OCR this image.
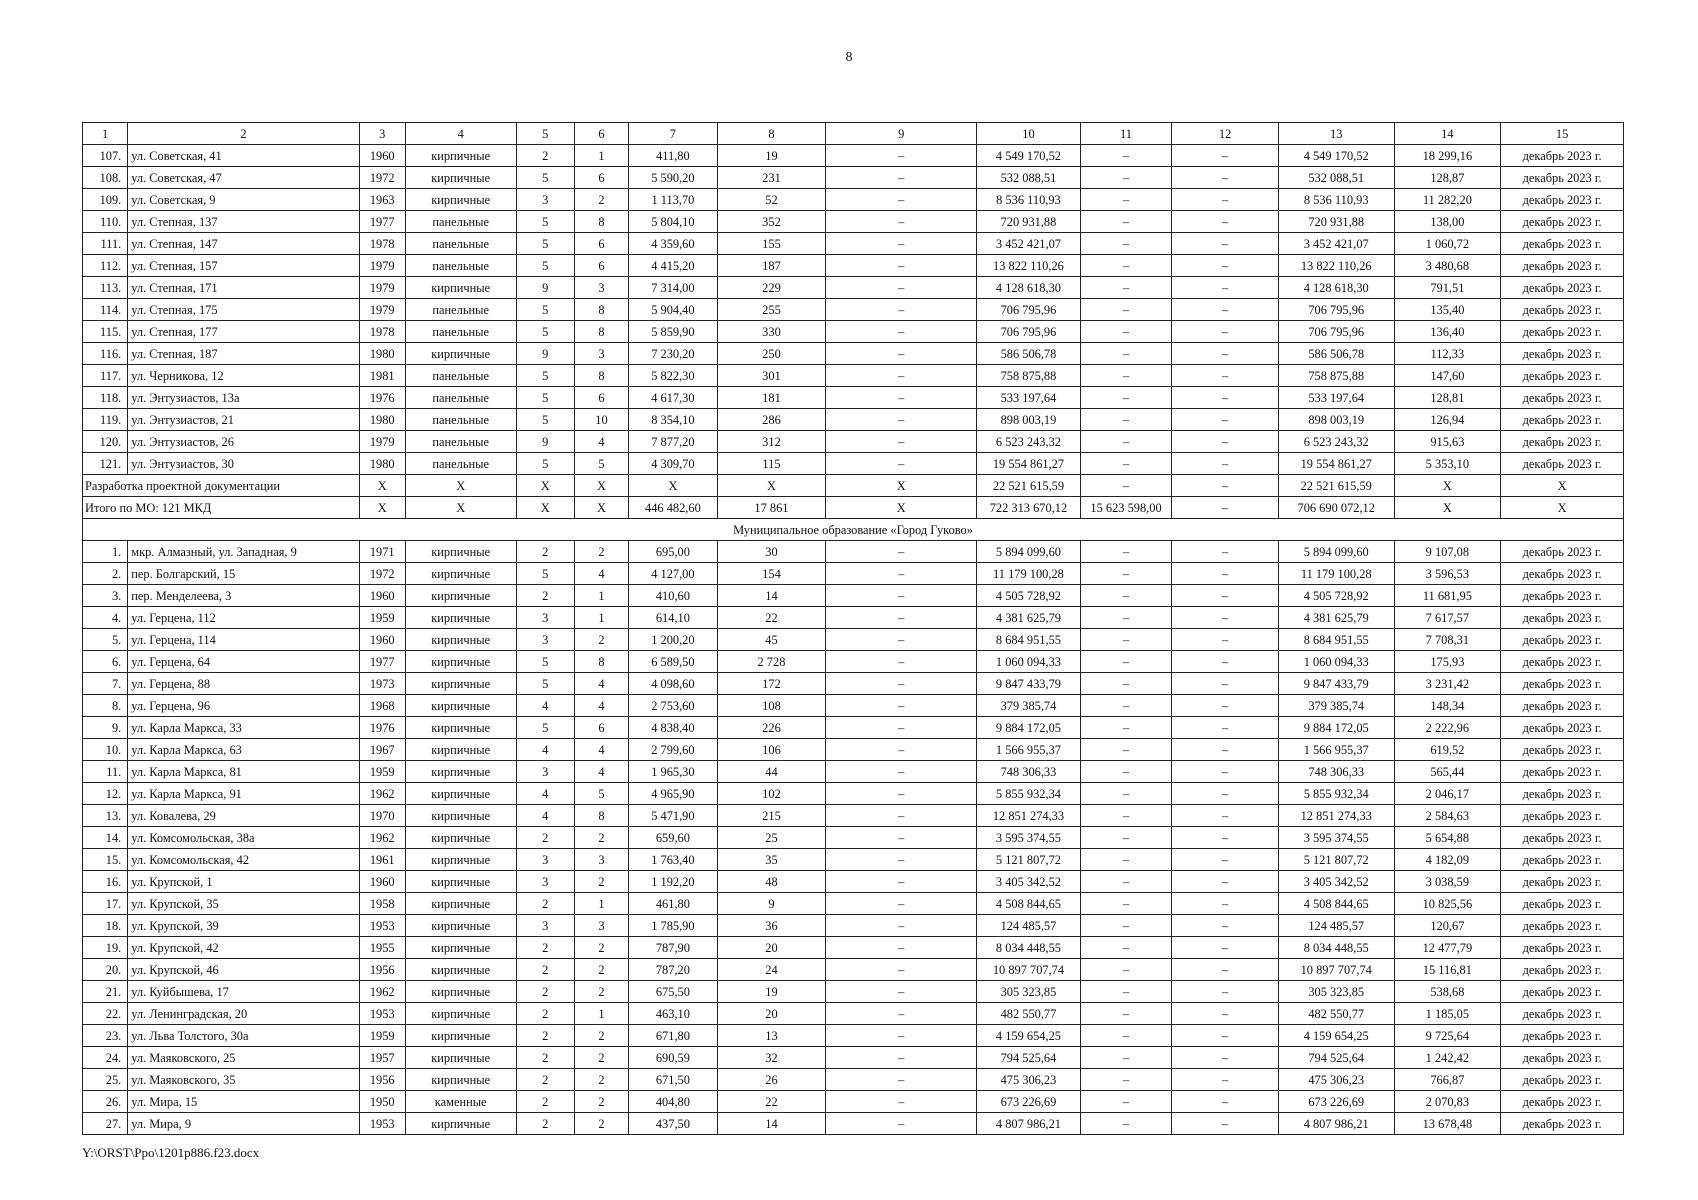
8
1	2	3	4	5	6	7	8	9	10	11	12	13	14	15
107.	ул. Советская, 41	1960	кирпичные	2	1	411,80	19	–	4 549 170,52	–	–	4 549 170,52	18 299,16	декабрь 2023 г.
108.	ул. Советская, 47	1972	кирпичные	5	6	5 590,20	231	–	532 088,51	–	–	532 088,51	128,87	декабрь 2023 г.
109.	ул. Советская, 9	1963	кирпичные	3	2	1 113,70	52	–	8 536 110,93	–	–	8 536 110,93	11 282,20	декабрь 2023 г.
110.	ул. Степная, 137	1977	панельные	5	8	5 804,10	352	–	720 931,88	–	–	720 931,88	138,00	декабрь 2023 г.
111.	ул. Степная, 147	1978	панельные	5	6	4 359,60	155	–	3 452 421,07	–	–	3 452 421,07	1 060,72	декабрь 2023 г.
112.	ул. Степная, 157	1979	панельные	5	6	4 415,20	187	–	13 822 110,26	–	–	13 822 110,26	3 480,68	декабрь 2023 г.
113.	ул. Степная, 171	1979	кирпичные	9	3	7 314,00	229	–	4 128 618,30	–	–	4 128 618,30	791,51	декабрь 2023 г.
114.	ул. Степная, 175	1979	панельные	5	8	5 904,40	255	–	706 795,96	–	–	706 795,96	135,40	декабрь 2023 г.
115.	ул. Степная, 177	1978	панельные	5	8	5 859,90	330	–	706 795,96	–	–	706 795,96	136,40	декабрь 2023 г.
116.	ул. Степная, 187	1980	кирпичные	9	3	7 230,20	250	–	586 506,78	–	–	586 506,78	112,33	декабрь 2023 г.
117.	ул. Черникова, 12	1981	панельные	5	8	5 822,30	301	–	758 875,88	–	–	758 875,88	147,60	декабрь 2023 г.
118.	ул. Энтузиастов, 13а	1976	панельные	5	6	4 617,30	181	–	533 197,64	–	–	533 197,64	128,81	декабрь 2023 г.
119.	ул. Энтузиастов, 21	1980	панельные	5	10	8 354,10	286	–	898 003,19	–	–	898 003,19	126,94	декабрь 2023 г.
120.	ул. Энтузиастов, 26	1979	панельные	9	4	7 877,20	312	–	6 523 243,32	–	–	6 523 243,32	915,63	декабрь 2023 г.
121.	ул. Энтузиастов, 30	1980	панельные	5	5	4 309,70	115	–	19 554 861,27	–	–	19 554 861,27	5 353,10	декабрь 2023 г.
Разработка проектной документации		X	X	X	X	X	X	X	22 521 615,59	–	–	22 521 615,59	X	X
Итого по МО: 121 МКД		X	X	X	X	446 482,60	17 861	X	722 313 670,12	15 623 598,00	–	706 690 072,12	X	X
Муниципальное образование «Город Гуково»														
1.	мкр. Алмазный, ул. Западная, 9	1971	кирпичные	2	2	695,00	30	–	5 894 099,60	–	–	5 894 099,60	9 107,08	декабрь 2023 г.
2.	пер. Болгарский, 15	1972	кирпичные	5	4	4 127,00	154	–	11 179 100,28	–	–	11 179 100,28	3 596,53	декабрь 2023 г.
3.	пер. Менделеева, 3	1960	кирпичные	2	1	410,60	14	–	4 505 728,92	–	–	4 505 728,92	11 681,95	декабрь 2023 г.
4.	ул. Герцена, 112	1959	кирпичные	3	1	614,10	22	–	4 381 625,79	–	–	4 381 625,79	7 617,57	декабрь 2023 г.
5.	ул. Герцена, 114	1960	кирпичные	3	2	1 200,20	45	–	8 684 951,55	–	–	8 684 951,55	7 708,31	декабрь 2023 г.
6.	ул. Герцена, 64	1977	кирпичные	5	8	6 589,50	2 728	–	1 060 094,33	–	–	1 060 094,33	175,93	декабрь 2023 г.
7.	ул. Герцена, 88	1973	кирпичные	5	4	4 098,60	172	–	9 847 433,79	–	–	9 847 433,79	3 231,42	декабрь 2023 г.
8.	ул. Герцена, 96	1968	кирпичные	4	4	2 753,60	108	–	379 385,74	–	–	379 385,74	148,34	декабрь 2023 г.
9.	ул. Карла Маркса, 33	1976	кирпичные	5	6	4 838,40	226	–	9 884 172,05	–	–	9 884 172,05	2 222,96	декабрь 2023 г.
10.	ул. Карла Маркса, 63	1967	кирпичные	4	4	2 799,60	106	–	1 566 955,37	–	–	1 566 955,37	619,52	декабрь 2023 г.
11.	ул. Карла Маркса, 81	1959	кирпичные	3	4	1 965,30	44	–	748 306,33	–	–	748 306,33	565,44	декабрь 2023 г.
12.	ул. Карла Маркса, 91	1962	кирпичные	4	5	4 965,90	102	–	5 855 932,34	–	–	5 855 932,34	2 046,17	декабрь 2023 г.
13.	ул. Ковалева, 29	1970	кирпичные	4	8	5 471,90	215	–	12 851 274,33	–	–	12 851 274,33	2 584,63	декабрь 2023 г.
14.	ул. Комсомольская, 38а	1962	кирпичные	2	2	659,60	25	–	3 595 374,55	–	–	3 595 374,55	5 654,88	декабрь 2023 г.
15.	ул. Комсомольская, 42	1961	кирпичные	3	3	1 763,40	35	–	5 121 807,72	–	–	5 121 807,72	4 182,09	декабрь 2023 г.
16.	ул. Крупской, 1	1960	кирпичные	3	2	1 192,20	48	–	3 405 342,52	–	–	3 405 342,52	3 038,59	декабрь 2023 г.
17.	ул. Крупской, 35	1958	кирпичные	2	1	461,80	9	–	4 508 844,65	–	–	4 508 844,65	10 825,56	декабрь 2023 г.
18.	ул. Крупской, 39	1953	кирпичные	3	3	1 785,90	36	–	124 485,57	–	–	124 485,57	120,67	декабрь 2023 г.
19.	ул. Крупской, 42	1955	кирпичные	2	2	787,90	20	–	8 034 448,55	–	–	8 034 448,55	12 477,79	декабрь 2023 г.
20.	ул. Крупской, 46	1956	кирпичные	2	2	787,20	24	–	10 897 707,74	–	–	10 897 707,74	15 116,81	декабрь 2023 г.
21.	ул. Куйбышева, 17	1962	кирпичные	2	2	675,50	19	–	305 323,85	–	–	305 323,85	538,68	декабрь 2023 г.
22.	ул. Ленинградская, 20	1953	кирпичные	2	1	463,10	20	–	482 550,77	–	–	482 550,77	1 185,05	декабрь 2023 г.
23.	ул. Льва Толстого, 30а	1959	кирпичные	2	2	671,80	13	–	4 159 654,25	–	–	4 159 654,25	9 725,64	декабрь 2023 г.
24.	ул. Маяковского, 25	1957	кирпичные	2	2	690,59	32	–	794 525,64	–	–	794 525,64	1 242,42	декабрь 2023 г.
25.	ул. Маяковского, 35	1956	кирпичные	2	2	671,50	26	–	475 306,23	–	–	475 306,23	766,87	декабрь 2023 г.
26.	ул. Мира, 15	1950	каменные	2	2	404,80	22	–	673 226,69	–	–	673 226,69	2 070,83	декабрь 2023 г.
27.	ул. Мира, 9	1953	кирпичные	2	2	437,50	14	–	4 807 986,21	–	–	4 807 986,21	13 678,48	декабрь 2023 г.
Y:\ORST\Ppo\1201p886.f23.docx
